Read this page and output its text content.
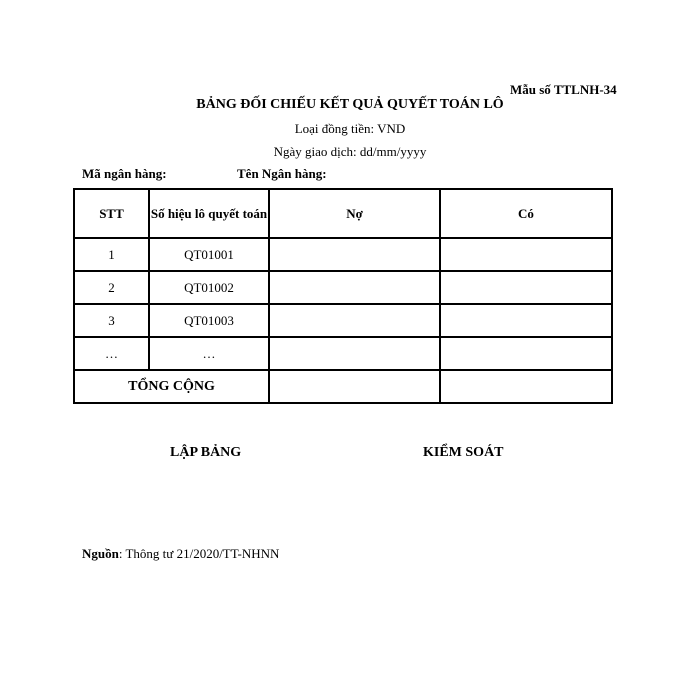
Mẫu số TTLNH-34
BẢNG ĐỐI CHIẾU KẾT QUẢ QUYẾT TOÁN LÔ
Loại đồng tiền: VND
Ngày giao dịch: dd/mm/yyyy
Mã ngân hàng:	Tên Ngân hàng:
STT	Số hiệu lô quyết toán	Nợ	Có
1	QT01001		
2	QT01002		
3	QT01003		
…	…		
TỔNG CỘNG			
LẬP BẢNG	KIỂM SOÁT
Nguồn: Thông tư 21/2020/TT-NHNN
